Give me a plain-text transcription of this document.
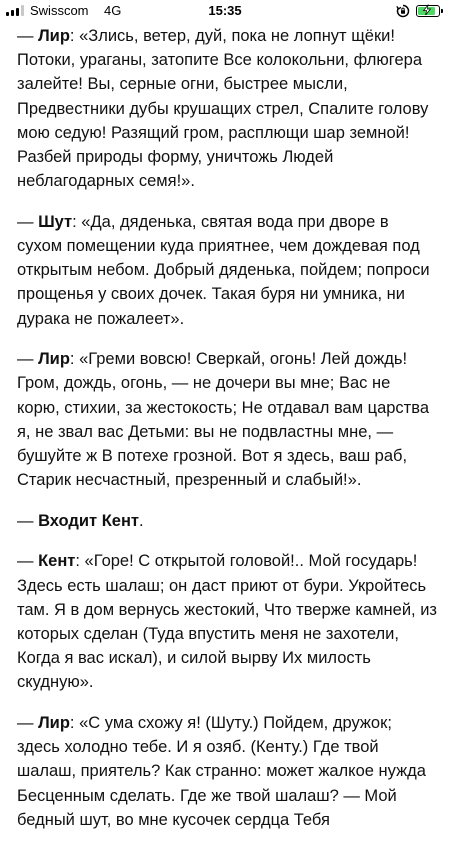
Swisscom 4G	15:35

— Лир: «Злись, ветер, дуй, пока не лопнут щёки! Потоки, ураганы, затопите Все колокольни, флюгера залейте! Вы, серные огни, быстрее мысли, Предвестники дубы крушащих стрел, Спалите голову мою седую! Разящий гром, расплющи шар земной! Разбей природы форму, уничтожь Людей неблагодарных семя!».

— Шут: «Да, дяденька, святая вода при дворе в сухом помещении куда приятнее, чем дождевая под открытым небом. Добрый дяденька, пойдем; попроси прощенья у своих дочек. Такая буря ни умника, ни дурака не пожалеет».

— Лир: «Греми вовсю! Сверкай, огонь! Лей дождь! Гром, дождь, огонь, — не дочери вы мне; Вас не корю, стихии, за жестокость; Не отдавал вам царства я, не звал вас Детьми: вы не подвластны мне, — бушуйте ж В потехе грозной. Вот я здесь, ваш раб, Старик несчастный, презренный и слабый!».

— Входит Кент.

— Кент: «Горе! С открытой головой!.. Мой государь! Здесь есть шалаш; он даст приют от бури. Укройтесь там. Я в дом вернусь жестокий, Что тверже камней, из которых сделан (Туда впустить меня не захотели, Когда я вас искал), и силой вырву Их милость скудную».

— Лир: «С ума схожу я! (Шуту.) Пойдем, дружок; здесь холодно тебе. И я озяб. (Кенту.) Где твой шалаш, приятель? Как странно: может жалкое нужда Бесценным сделать. Где же твой шалаш? — Мой бедный шут, во мне кусочек сердца Тебя
